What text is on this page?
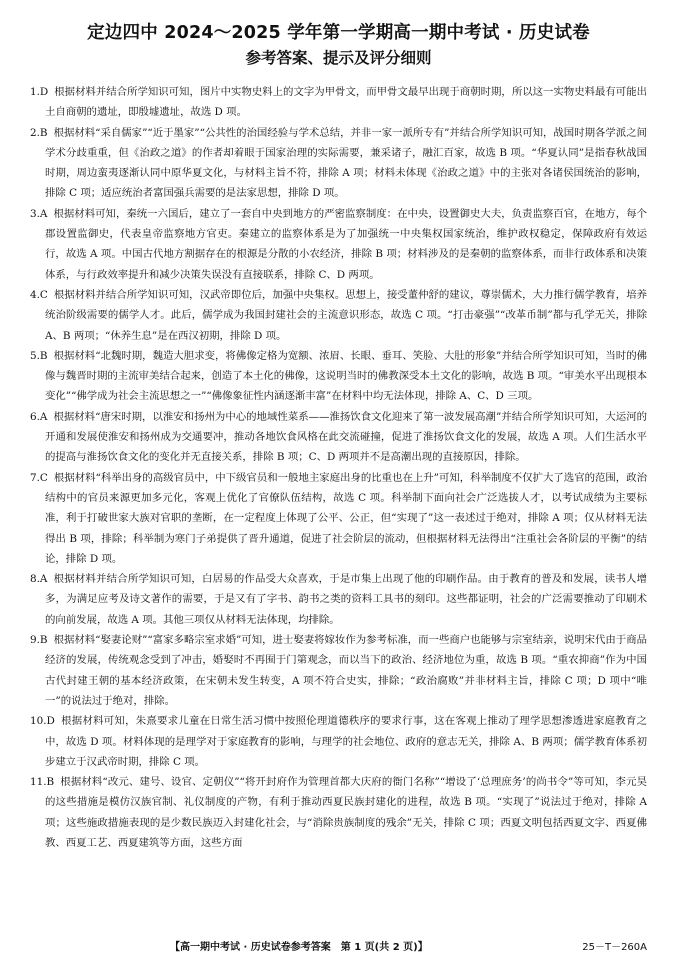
定边四中 2024～2025 学年第一学期高一期中考试 · 历史试卷
参考答案、提示及评分细则
1.D 根据材料并结合所学知识可知，图片中实物史料上的文字为甲骨文，而甲骨文最早出现于商朝时期，所以这一实物史料最有可能出土自商朝的遗址，即殷墟遗址，故选 D 项。
2.B 根据材料“采自儒家”“近于墨家”“公共性的治国经验与学术总结，并非一家一派所专有”并结合所学知识可知，战国时期各学派之间学术分歧重重，但《治政之道》的作者却着眼于国家治理的实际需要，兼采诸子，融汇百家，故选 B 项。“华夏认同”是指春秋战国时期，周边蛮夷逐渐认同中原华夏文化，与材料主旨不符，排除 A 项；材料未体现《治政之道》中的主张对各诸侯国统治的影响，排除 C 项；适应统治者富国强兵需要的是法家思想，排除 D 项。
3.A 根据材料可知，秦统一六国后，建立了一套自中央到地方的严密监察制度：在中央，设置御史大夫，负责监察百官，在地方，每个郡设置监御史，代表皇帝监察地方官吏。秦建立的监察体系是为了加强统一中央集权国家统治，维护政权稳定，保障政府有效运行，故选 A 项。中国古代地方割据存在的根源是分散的小农经济，排除 B 项；材料涉及的是秦朝的监察体系，而非行政体系和决策体系，与行政效率提升和减少决策失误没有直接联系，排除 C、D 两项。
4.C 根据材料并结合所学知识可知，汉武帝即位后，加强中央集权。思想上，接受董仲舒的建议，尊崇儒术，大力推行儒学教育，培养统治阶级需要的儒学人才。此后，儒学成为我国封建社会的主流意识形态，故选 C 项。“打击豪强”“改革币制”都与孔学无关，排除 A、B 两项；“休养生息”是在西汉初期，排除 D 项。
5.B 根据材料“北魏时期，魏造大胆求变，将佛像定格为宽额、浓眉、长眼、垂耳、笑脸、大肚的形象”并结合所学知识可知，当时的佛像与魏晋时期的主流审美结合起来，创造了本土化的佛像，这说明当时的佛教深受本土文化的影响，故选 B 项。“审美水平出现根本变化”“佛学成为社会主流思想之一”“佛像象征性内涵逐渐丰富”在材料中均无法体现，排除 A、C、D 三项。
6.A 根据材料“唐宋时期，以淮安和扬州为中心的地域性菜系——淮扬饮食文化迎来了第一波发展高潮”并结合所学知识可知，大运河的开通和发展使淮安和扬州成为交通要冲，推动各地饮食风格在此交流碰撞，促进了淮扬饮食文化的发展，故选 A 项。人们生活水平的提高与淮扬饮食文化的变化并无直接关系，排除 B 项；C、D 两项并不是高潮出现的直接原因，排除。
7.C 根据材料“科举出身的高级官员中，中下级官员和一般地主家庭出身的比重也在上升”可知，科举制度不仅扩大了选官的范围，政治结构中的官员来源更加多元化，客观上优化了官僚队伍结构，故选 C 项。科举制下面向社会广泛选拔人才，以考试成绩为主要标准，利于打破世家大族对官职的垄断，在一定程度上体现了公平、公正，但“实现了”这一表述过于绝对，排除 A 项；仅从材料无法得出 B 项，排除；科举制为寒门子弟提供了晋升通道，促进了社会阶层的流动，但根据材料无法得出“注重社会各阶层的平衡”的结论，排除 D 项。
8.A 根据材料并结合所学知识可知，白居易的作品受大众喜欢，于是市集上出现了他的印刷作品。由于教育的普及和发展，读书人增多，为满足应考及诗文著作的需要，于是又有了字书、韵书之类的资料工具书的刻印。这些都证明，社会的广泛需要推动了印刷术的向前发展，故选 A 项。其他三项仅从材料无法体现，均排除。
9.B 根据材料“娶妻论财”“富家多略宗室求婚”可知，进士娶妻将嫁妆作为参考标准，而一些商户也能够与宗室结亲，说明宋代由于商品经济的发展，传统观念受到了冲击，婚娶时不再囿于门第观念，而以当下的政治、经济地位为重，故选 B 项。“重农抑商”作为中国古代封建王朝的基本经济政策，在宋朝未发生转变，A 项不符合史实，排除；“政治腐败”并非材料主旨，排除 C 项；D 项中“唯一”的说法过于绝对，排除。
10.D 根据材料可知，朱熹要求儿童在日常生活习惯中按照伦理道德秩序的要求行事，这在客观上推动了理学思想渗透进家庭教育之中，故选 D 项。材料体现的是理学对于家庭教育的影响，与理学的社会地位、政府的意志无关，排除 A、B 两项；儒学教育体系初步建立于汉武帝时期，排除 C 项。
11.B 根据材料“改元、建号、设官、定朝仪”“将开封府作为管理首都大庆府的衙门名称”“增设了‘总理庶务’的尚书令”等可知，李元昊的这些措施是模仿汉族官制、礼仪制度的产物，有利于推动西夏民族封建化的进程，故选 B 项。“实现了”说法过于绝对，排除 A 项；这些施政措施表现的是少数民族迈入封建化社会，与“消除贵族制度的残余”无关，排除 C 项；西夏文明包括西夏文字、西夏佛教、西夏工艺、西夏建筑等方面，这些方面
【高一期中考试 · 历史试卷参考答案　第 1 页(共 2 页)】	25－T－260A
